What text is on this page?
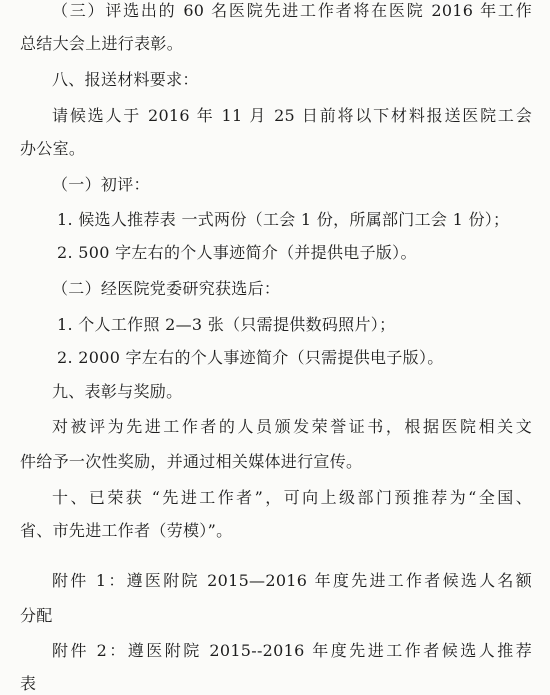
（三）评选出的 60 名医院先进工作者将在医院 2016 年工作
总结大会上进行表彰。
八、报送材料要求：
请候选人于 2016 年 11 月 25 日前将以下材料报送医院工会
办公室。
（一）初评：
1. 候选人推荐表 一式两份（工会 1 份，所属部门工会 1 份）；
2. 500 字左右的个人事迹简介（并提供电子版）。
（二）经医院党委研究获选后：
1. 个人工作照 2—3 张（只需提供数码照片）；
2. 2000 字左右的个人事迹简介（只需提供电子版）。
九、表彰与奖励。
对被评为先进工作者的人员颁发荣誉证书，根据医院相关文
件给予一次性奖励，并通过相关媒体进行宣传。
十、已荣获 “先进工作者”，可向上级部门预推荐为“全国、
省、市先进工作者（劳模）”。
附件 1：遵医附院 2015—2016 年度先进工作者候选人名额
分配
附件 2：遵医附院 2015--2016 年度先进工作者候选人推荐
表
